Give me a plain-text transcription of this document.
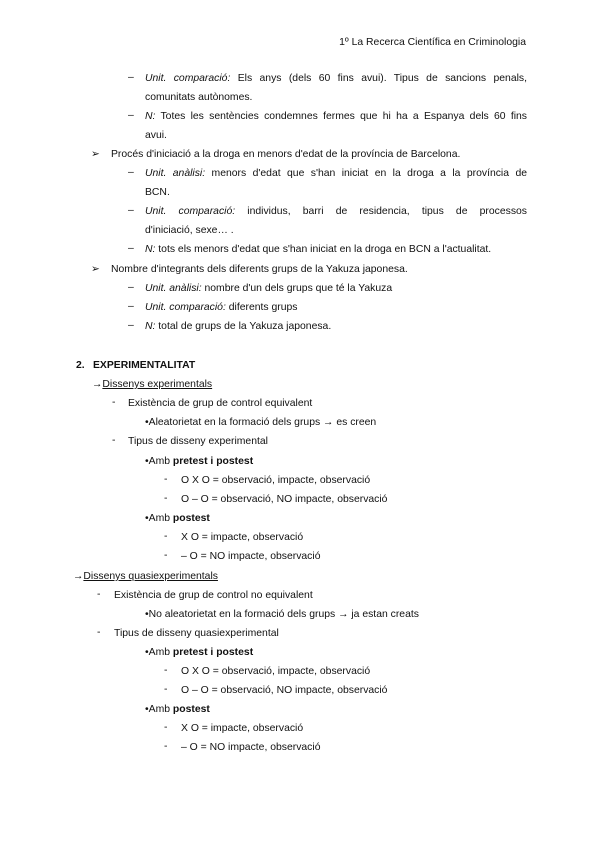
1º La Recerca Científica en Criminologia
– Unit. comparació: Els anys (dels 60 fins avui). Tipus de sancions penals,
comunitats autònomes.
– N: Totes les sentències condemnes fermes que hi ha a Espanya dels 60 fins
avui.
➢ Procés d'iniciació a la droga en menors d'edat de la província de Barcelona.
– Unit. anàlisi: menors d'edat que s'han iniciat en la droga a la província de
BCN.
– Unit. comparació: individus, barri de residencia, tipus de processos
d'iniciació, sexe… .
– N: tots els menors d'edat que s'han iniciat en la droga en BCN a l'actualitat.
➢ Nombre d'integrants dels diferents grups de la Yakuza japonesa.
– Unit. anàlisi: nombre d'un dels grups que té la Yakuza
– Unit. comparació: diferents grups
– N: total de grups de la Yakuza japonesa.
2. EXPERIMENTALITAT
→Dissenys experimentals
- Existència de grup de control equivalent
•Aleatorietat en la formació dels grups → es creen
- Tipus de disseny experimental
•Amb pretest i postest
- O X O = observació, impacte, observació
- O – O = observació, NO impacte, observació
•Amb postest
- X O = impacte, observació
- – O = NO impacte, observació
→Dissenys quasiexperimentals
- Existència de grup de control no equivalent
•No aleatorietat en la formació dels grups → ja estan creats
- Tipus de disseny quasiexperimental
•Amb pretest i postest
- O X O = observació, impacte, observació
- O – O = observació, NO impacte, observació
•Amb postest
- X O = impacte, observació
- – O = NO impacte, observació
